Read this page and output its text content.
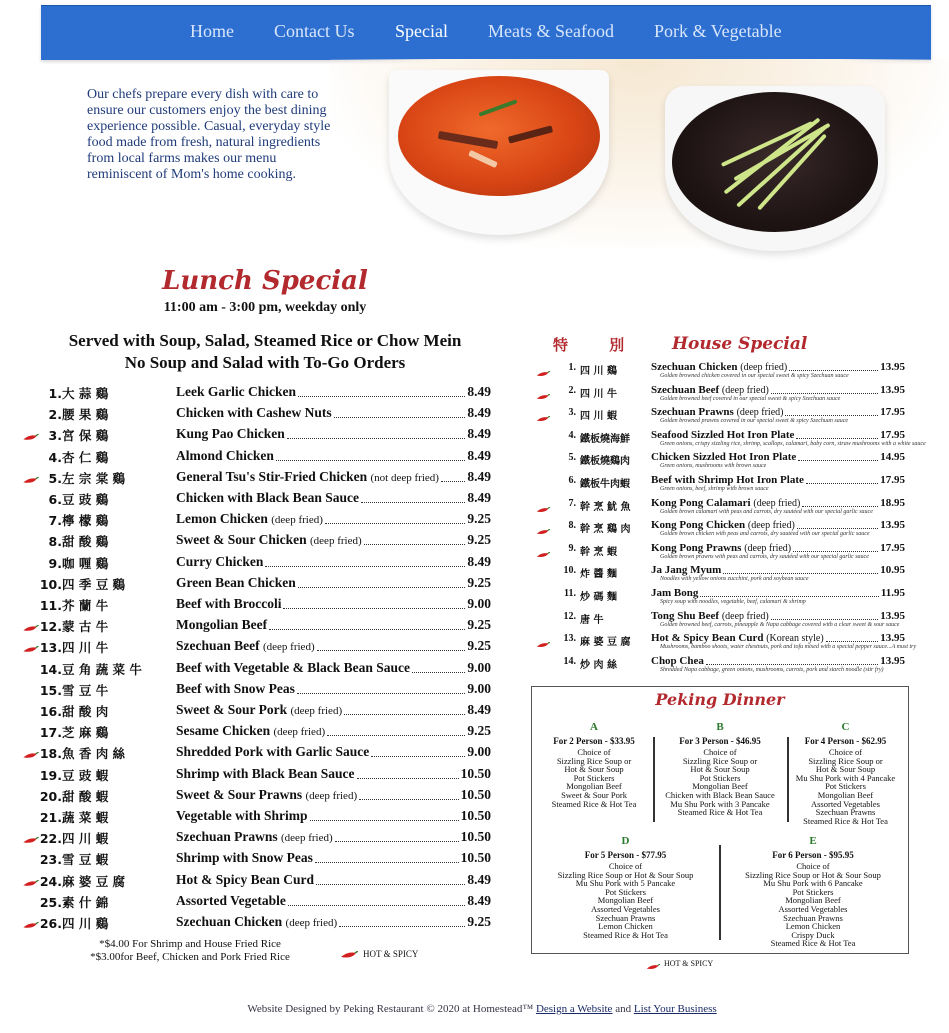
Home Contact Us Special Meats & Seafood Pork & Vegetable
Our chefs prepare every dish with care to ensure our customers enjoy the best dining experience possible. Casual, everyday style food made from fresh, natural ingredients from local farms makes our menu reminiscent of Mom's home cooking.
Lunch Special
11:00 am - 3:00 pm, weekday only
Served with Soup, Salad, Steamed Rice or Chow Mein
No Soup and Salad with To-Go Orders
1.大 蒜 鷄	Leek Garlic Chicken	8.49
2.腰 果 鷄	Chicken with Cashew Nuts	8.49
3.宮 保 鷄	Kung Pao Chicken	8.49
4.杏 仁 鷄	Almond Chicken	8.49
5.左 宗 棠 鷄	General Tsu's Stir-Fried Chicken (not deep fried) 8.49
6.豆 豉 鷄	Chicken with Black Bean Sauce	8.49
7.檸 檬 鷄	Lemon Chicken (deep fried)	9.25
8.甜 酸 鷄	Sweet & Sour Chicken (deep fried)	9.25
9.咖 喱 鷄	Curry Chicken	8.49
10.四 季 豆 鷄	Green Bean Chicken	9.25
11.芥 蘭 牛	Beef with Broccoli	9.00
12.蒙 古 牛	Mongolian Beef	9.25
13.四 川 牛	Szechuan Beef (deep fried)	9.25
14.豆 角 蔬 菜 牛	Beef with Vegetable & Black Bean Sauce	9.00
15.雪 豆 牛	Beef with Snow Peas	9.00
16.甜 酸 肉	Sweet & Sour Pork (deep fried)	8.49
17.芝 麻 鷄	Sesame Chicken (deep fried)	9.25
18.魚 香 肉 絲	Shredded Pork with Garlic Sauce	9.00
19.豆 豉 蝦	Shrimp with Black Bean Sauce	10.50
20.甜 酸 蝦	Sweet & Sour Prawns (deep fried)	10.50
21.蔬 菜 蝦	Vegetable with Shrimp	10.50
22.四 川 蝦	Szechuan Prawns (deep fried)	10.50
23.雪 豆 蝦	Shrimp with Snow Peas	10.50
24.麻 婆 豆 腐	Hot & Spicy Bean Curd	8.49
25.素 什 錦	Assorted Vegetable	8.49
26.四 川 鷄	Szechuan Chicken (deep fried)	9.25
*$4.00 For Shrimp and House Fried Rice
*$3.00for Beef, Chicken and Pork Fried Rice	HOT & SPICY
特 別 House Special
1. 四 川 鷄	Szechuan Chicken (deep fried)	13.95
Golden browned chicken covered in our special sweet & spicy Szechuan sauce
2. 四 川 牛	Szechuan Beef (deep fried)	13.95
Golden browned beef covered in our special sweet & spicy Szechuan sauce
3. 四 川 蝦	Szechuan Prawns (deep fried)	17.95
Golden browned prawns covered in our special sweet & spicy Szechuan sauce
4. 鐵板燒海鮮	Seafood Sizzled Hot Iron Plate	17.95
Green onions, crispy sizzling rice, shrimp, scallops, calamari, baby corn, straw mushrooms with a white sauce
5. 鐵板燒鷄肉	Chicken Sizzled Hot Iron Plate	14.95
Green onions, mushrooms with brown sauce
6. 鐵板牛肉蝦	Beef with Shrimp Hot Iron Plate	17.95
Green onions, beef, shrimp with brown sauce
7. 幹 烹 魷 魚	Kong Pong Calamari (deep fried)	18.95
Golden brown calamari with peas and carrots, dry sautéed with our special garlic sauce
8. 幹 烹 鷄 肉	Kong Pong Chicken (deep fried)	13.95
Golden brown chicken with peas and carrots, dry sautéed with our special garlic sauce
9. 幹 烹 蝦	Kong Pong Prawns (deep fried)	17.95
Golden brown prawns with peas and carrots, dry sautéed with our special garlic sauce
10. 炸 醬 麵	Ja Jang Myum	10.95
Noodles with yellow onions zucchini, pork and soybean sauce
11. 炒 碼 麵	Jam Bong	11.95
Spicy soup with noodles, vegetable, beef, calamari & shrimp
12. 唐 牛	Tong Shu Beef (deep fried)	13.95
Golden browned beef, carrots, pineapple & Napa cabbage covered with a clear sweet & sour sauce
13. 麻 婆 豆 腐	Hot & Spicy Bean Curd (Korean style)	13.95
Mushrooms, bamboo shoots, water chestnuts, pork and tofu mixed with a special pepper sauce...A must try
14. 炒 肉 絲	Chop Chea	13.95
Shredded Napa cabbage, green onions, mushrooms, carrots, pork and starch noodle (stir fry)
Peking Dinner
A
For 2 Person - $33.95
Choice of
Sizzling Rice Soup or
Hot & Sour Soup
Pot Stickers
Mongolian Beef
Sweet & Sour Pork
Steamed Rice & Hot Tea
B
For 3 Person - $46.95
Choice of
Sizzling Rice Soup or
Hot & Sour Soup
Pot Stickers
Mongolian Beef
Chicken with Black Bean Sauce
Mu Shu Pork with 3 Pancake
Steamed Rice & Hot Tea
C
For 4 Person - $62.95
Choice of
Sizzling Rice Soup or
Hot & Sour Soup
Mu Shu Pork with 4 Pancake
Pot Stickers
Mongolian Beef
Assorted Vegetables
Szechuan Prawns
Steamed Rice & Hot Tea
D
For 5 Person - $77.95
Choice of
Sizzling Rice Soup or Hot & Sour Soup
Mu Shu Pork with 5 Pancake
Pot Stickers
Mongolian Beef
Assorted Vegetables
Szechuan Prawns
Lemon Chicken
Steamed Rice & Hot Tea
E
For 6 Person - $95.95
Choice of
Sizzling Rice Soup or Hot & Sour Soup
Mu Shu Pork with 6 Pancake
Pot Stickers
Mongolian Beef
Assorted Vegetables
Szechuan Prawns
Lemon Chicken
Crispy Duck
Steamed Rice & Hot Tea
HOT & SPICY
Website Designed by Peking Restaurant © 2020 at Homestead™ Design a Website and List Your Business
